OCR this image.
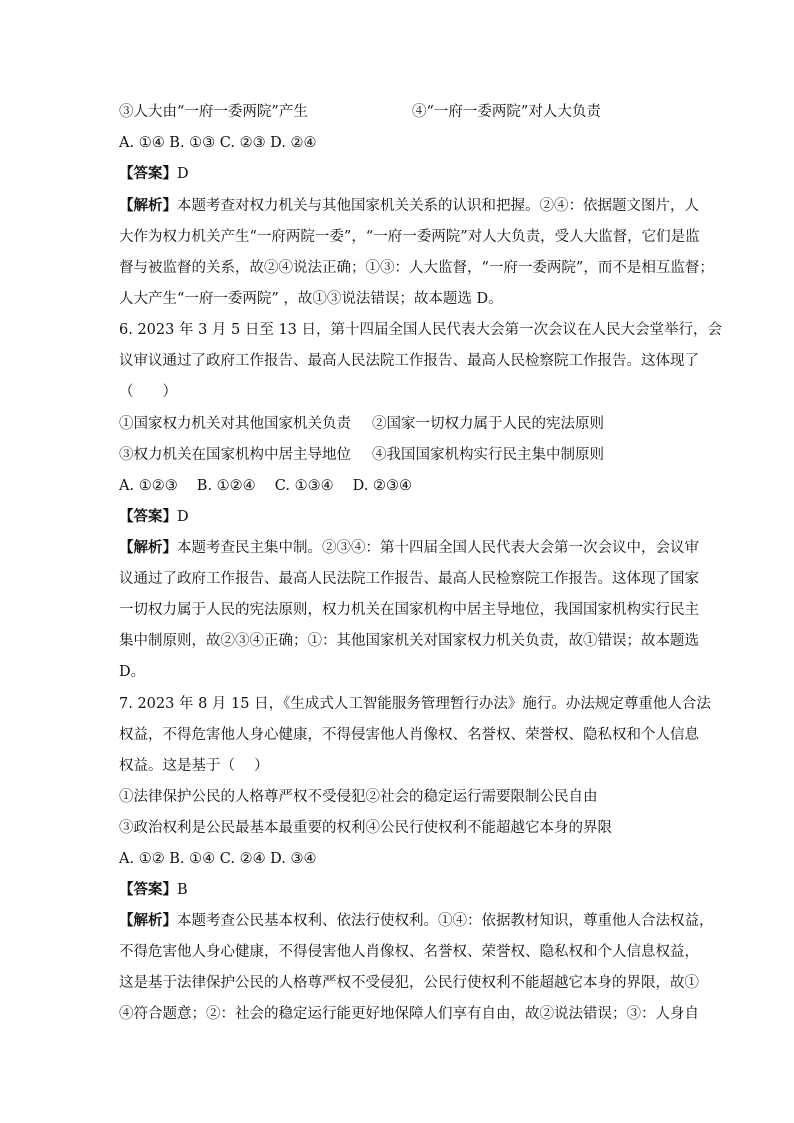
③人大由“一府一委两院”产生	④“一府一委两院”对人大负责
A. ①④ B. ①③ C. ②③ D. ②④
【答案】D
【解析】本题考查对权力机关与其他国家机关关系的认识和把握。②④：依据题文图片，人
大作为权力机关产生“一府两院一委”，“一府一委两院”对人大负责，受人大监督，它们是监
督与被监督的关系，故②④说法正确；①③：人大监督，“一府一委两院”，而不是相互监督；
人大产生“一府一委两院” ，故①③说法错误；故本题选 D。
6. 2023 年 3 月 5 日至 13 日，第十四届全国人民代表大会第一次会议在人民大会堂举行，会
议审议通过了政府工作报告、最高人民法院工作报告、最高人民检察院工作报告。这体现了
（　　）
①国家权力机关对其他国家机关负责 ②国家一切权力属于人民的宪法原则
③权力机关在国家机构中居主导地位 ④我国国家机构实行民主集中制原则
A. ①②③　 B. ①②④　 C. ①③④　 D. ②③④
【答案】D
【解析】本题考查民主集中制。②③④：第十四届全国人民代表大会第一次会议中，会议审
议通过了政府工作报告、最高人民法院工作报告、最高人民检察院工作报告。这体现了国家
一切权力属于人民的宪法原则，权力机关在国家机构中居主导地位，我国国家机构实行民主
集中制原则，故②③④正确；①：其他国家机关对国家权力机关负责，故①错误；故本题选
D。
7. 2023 年 8 月 15 日，《生成式人工智能服务管理暂行办法》施行。办法规定尊重他人合法
权益，不得危害他人身心健康，不得侵害他人肖像权、名誉权、荣誉权、隐私权和个人信息
权益。这是基于（　 ）
①法律保护公民的人格尊严权不受侵犯②社会的稳定运行需要限制公民自由
③政治权利是公民最基本最重要的权利④公民行使权利不能超越它本身的界限
A. ①② B. ①④ C. ②④ D. ③④
【答案】B
【解析】本题考查公民基本权利、依法行使权利。①④：依据教材知识，尊重他人合法权益，
不得危害他人身心健康，不得侵害他人肖像权、名誉权、荣誉权、隐私权和个人信息权益，
这是基于法律保护公民的人格尊严权不受侵犯，公民行使权利不能超越它本身的界限，故①
④符合题意；②：社会的稳定运行能更好地保障人们享有自由，故②说法错误；③：人身自
